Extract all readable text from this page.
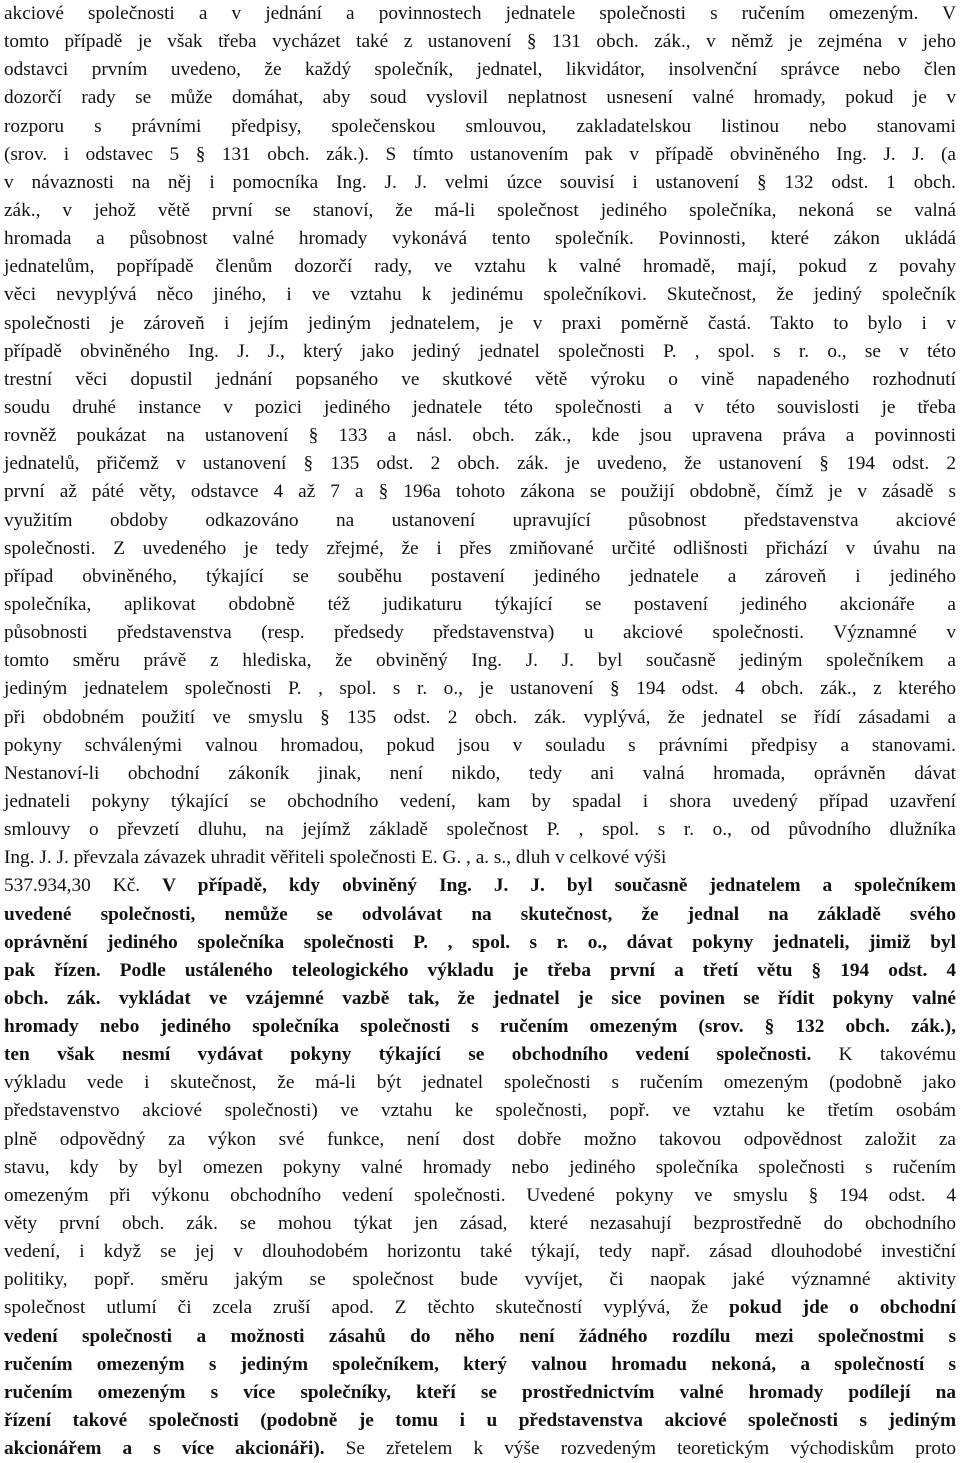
akciové společnosti a v jednání a povinnostech jednatele společnosti s ručením omezeným. V
tomto případě je však třeba vycházet také z ustanovení § 131 obch. zák., v němž je zejména v jeho
odstavci prvním uvedeno, že každý společník, jednatel, likvidátor, insolvenční správce nebo člen
dozorčí rady se může domáhat, aby soud vyslovil neplatnost usnesení valné hromady, pokud je v
rozporu s právními předpisy, společenskou smlouvou, zakladatelskou listinou nebo stanovami
(srov. i odstavec 5 § 131 obch. zák.). S tímto ustanovením pak v případě obviněného Ing. J. J. (a
v návaznosti na něj i pomocníka Ing. J. J. velmi úzce souvisí i ustanovení § 132 odst. 1 obch.
zák., v jehož větě první se stanoví, že má-li společnost jediného společníka, nekoná se valná
hromada a působnost valné hromady vykonává tento společník. Povinnosti, které zákon ukládá
jednatelům, popřípadě členům dozorčí rady, ve vztahu k valné hromadě, mají, pokud z povahy
věci nevyplývá něco jiného, i ve vztahu k jedinému společníkovi. Skutečnost, že jediný společník
společnosti je zároveň i jejím jediným jednatelem, je v praxi poměrně častá. Takto to bylo i v
případě obviněného Ing. J. J., který jako jediný jednatel společnosti P. , spol. s r. o., se v této
trestní věci dopustil jednání popsaného ve skutkové větě výroku o vině napadeného rozhodnutí
soudu druhé instance v pozici jediného jednatele této společnosti a v této souvislosti je třeba
rovněž poukázat na ustanovení § 133 a násl. obch. zák., kde jsou upravena práva a povinnosti
jednatelů, přičemž v ustanovení § 135 odst. 2 obch. zák. je uvedeno, že ustanovení § 194 odst. 2
první až páté věty, odstavce 4 až 7 a § 196a tohoto zákona se použijí obdobně, čímž je v zásadě s
využitím obdoby odkazováno na ustanovení upravující působnost představenstva akciové
společnosti. Z uvedeného je tedy zřejmé, že i přes zmiňované určité odlišnosti přichází v úvahu na
případ obviněného, týkající se souběhu postavení jediného jednatele a zároveň i jediného
společníka, aplikovat obdobně též judikaturu týkající se postavení jediného akcionáře a
působnosti představenstva (resp. předsedy představenstva) u akciové společnosti. Významné v
tomto směru právě z hlediska, že obviněný Ing. J. J. byl současně jediným společníkem a
jediným jednatelem společnosti P. , spol. s r. o., je ustanovení § 194 odst. 4 obch. zák., z kterého
při obdobném použití ve smyslu § 135 odst. 2 obch. zák. vyplývá, že jednatel se řídí zásadami a
pokyny schválenými valnou hromadou, pokud jsou v souladu s právními předpisy a stanovami.
Nestanoví-li obchodní zákoník jinak, není nikdo, tedy ani valná hromada, oprávněn dávat
jednateli pokyny týkající se obchodního vedení, kam by spadal i shora uvedený případ uzavření
smlouvy o převzetí dluhu, na jejímž základě společnost P. , spol. s r. o., od původního dlužníka
Ing. J. J. převzala závazek uhradit věřiteli společnosti E. G. , a. s., dluh v celkové výši
537.934,30 Kč. V případě, kdy obviněný Ing. J. J. byl současně jednatelem a společníkem
uvedené společnosti, nemůže se odvolávat na skutečnost, že jednal na základě svého
oprávnění jediného společníka společnosti P. , spol. s r. o., dávat pokyny jednateli, jimiž byl
pak řízen. Podle ustáleného teleologického výkladu je třeba první a třetí větu § 194 odst. 4
obch. zák. vykládat ve vzájemné vazbě tak, že jednatel je sice povinen se řídit pokyny valné
hromady nebo jediného společníka společnosti s ručením omezeným (srov. § 132 obch. zák.),
ten však nesmí vydávat pokyny týkající se obchodního vedení společnosti. K takovému
výkladu vede i skutečnost, že má-li být jednatel společnosti s ručením omezeným (podobně jako
představenstvo akciové společnosti) ve vztahu ke společnosti, popř. ve vztahu ke třetím osobám
plně odpovědný za výkon své funkce, není dost dobře možno takovou odpovědnost založit za
stavu, kdy by byl omezen pokyny valné hromady nebo jediného společníka společnosti s ručením
omezeným při výkonu obchodního vedení společnosti. Uvedené pokyny ve smyslu § 194 odst. 4
věty první obch. zák. se mohou týkat jen zásad, které nezasahují bezprostředně do obchodního
vedení, i když se jej v dlouhodobém horizontu také týkají, tedy např. zásad dlouhodobé investiční
politiky, popř. směru jakým se společnost bude vyvíjet, či naopak jaké významné aktivity
společnost utlumí či zcela zruší apod. Z těchto skutečností vyplývá, že pokud jde o obchodní
vedení společnosti a možnosti zásahů do něho není žádného rozdílu mezi společnostmi s
ručením omezeným s jediným společníkem, který valnou hromadu nekoná, a společností s
ručením omezeným s více společníky, kteří se prostřednictvím valné hromady podílejí na
řízení takové společnosti (podobně je tomu i u představenstva akciové společnosti s jediným
akcionářem a s více akcionáři). Se zřetelem k výše rozvedeným teoretickým východiskům proto
